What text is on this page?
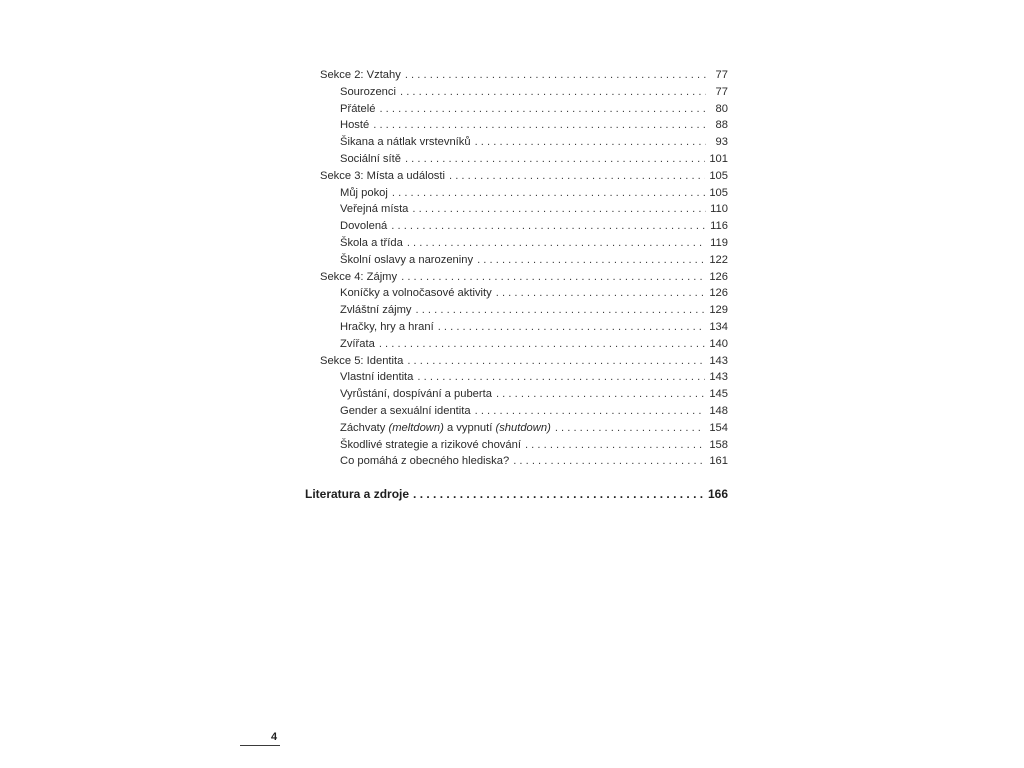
Sekce 2: Vztahy . . .	77
Sourozenci . . .	77
Přátelé . . .	80
Hosté . . .	88
Šikana a nátlak vrstevníků . . .	93
Sociální sítě . . .	101
Sekce 3: Místa a události . . .	105
Můj pokoj . . .	105
Veřejná místa . . .	110
Dovolená . . .	116
Škola a třída . . .	119
Školní oslavy a narozeniny . . .	122
Sekce 4: Zájmy . . .	126
Koníčky a volnočasové aktivity . . .	126
Zvláštní zájmy . . .	129
Hračky, hry a hraní . . .	134
Zvířata . . .	140
Sekce 5: Identita . . .	143
Vlastní identita . . .	143
Vyrůstání, dospívání a puberta . . .	145
Gender a sexuální identita . . .	148
Záchvaty (meltdown) a vypnutí (shutdown) . . .	154
Škodlivé strategie a rizikové chování . . .	158
Co pomáhá z obecného hlediska? . . .	161
Literatura a zdroje . . .	166
4
